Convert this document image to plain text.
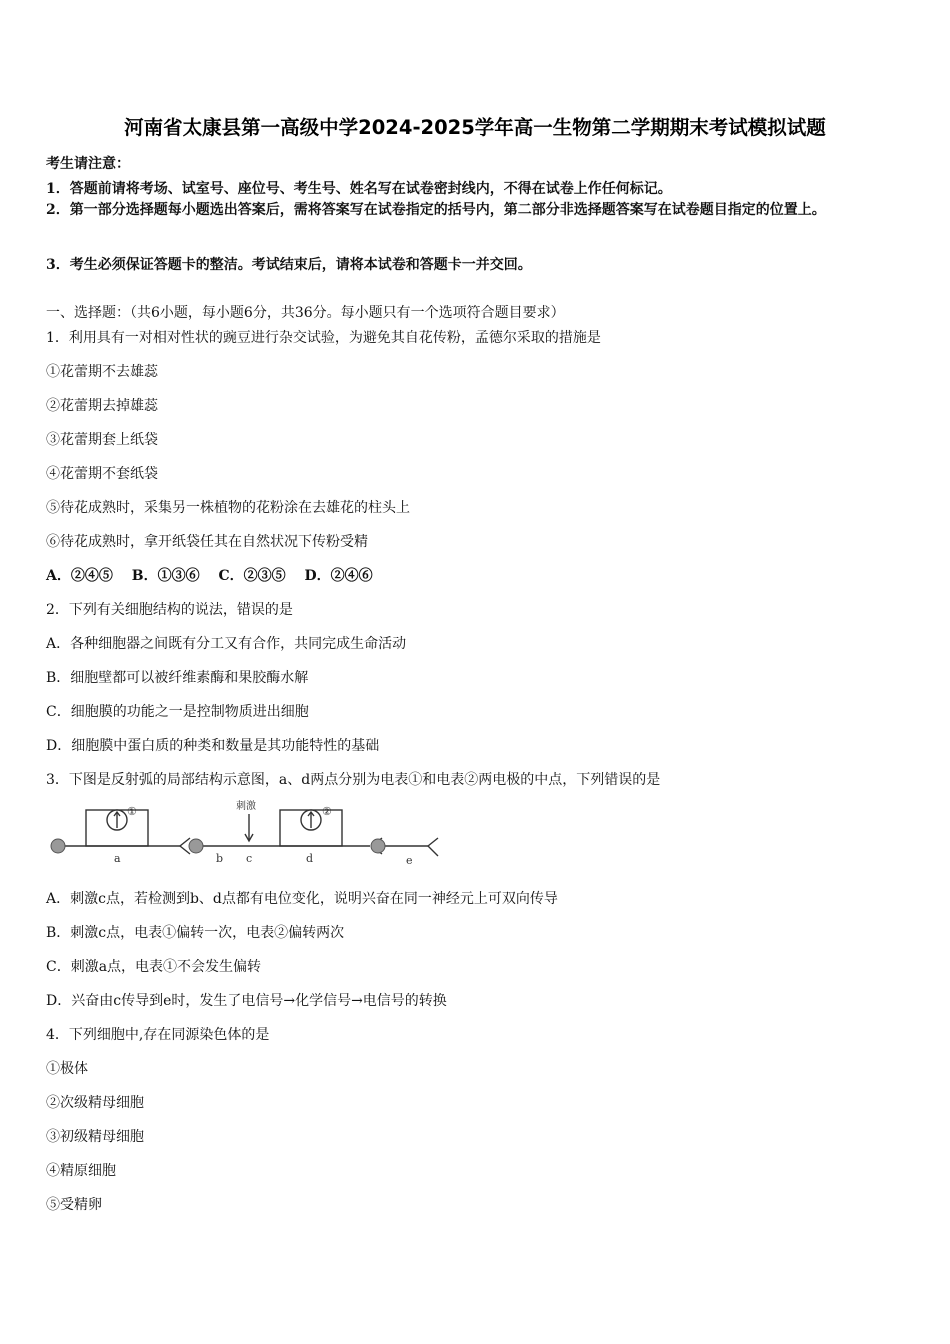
河南省太康县第一高级中学2024-2025学年高一生物第二学期期末考试模拟试题
考生请注意：
1．答题前请将考场、试室号、座位号、考生号、姓名写在试卷密封线内，不得在试卷上作任何标记。
2．第一部分选择题每小题选出答案后，需将答案写在试卷指定的括号内，第二部分非选择题答案写在试卷题目指定的位置上。
3．考生必须保证答题卡的整洁。考试结束后，请将本试卷和答题卡一并交回。
一、选择题：（共6小题，每小题6分，共36分。每小题只有一个选项符合题目要求）
1．利用具有一对相对性状的豌豆进行杂交试验，为避免其自花传粉，孟德尔采取的措施是
①花蕾期不去雄蕊
②花蕾期去掉雄蕊
③花蕾期套上纸袋
④花蕾期不套纸袋
⑤待花成熟时，采集另一株植物的花粉涂在去雄花的柱头上
⑥待花成熟时，拿开纸袋任其在自然状况下传粉受精
A．②④⑤ B．①③⑥ C．②③⑤ D．②④⑥
2．下列有关细胞结构的说法，错误的是
A．各种细胞器之间既有分工又有合作，共同完成生命活动
B．细胞壁都可以被纤维素酶和果胶酶水解
C．细胞膜的功能之一是控制物质进出细胞
D．细胞膜中蛋白质的种类和数量是其功能特性的基础
3．下图是反射弧的局部结构示意图，a、d两点分别为电表①和电表②两电极的中点，下列错误的是
①	②
刺激
a	b c	d	e
A．刺激c点，若检测到b、d点都有电位变化，说明兴奋在同一神经元上可双向传导
B．刺激c点，电表①偏转一次，电表②偏转两次
C．刺激a点，电表①不会发生偏转
D．兴奋由c传导到e时，发生了电信号→化学信号→电信号的转换
4．下列细胞中,存在同源染色体的是
①极体
②次级精母细胞
③初级精母细胞
④精原细胞
⑤受精卵
